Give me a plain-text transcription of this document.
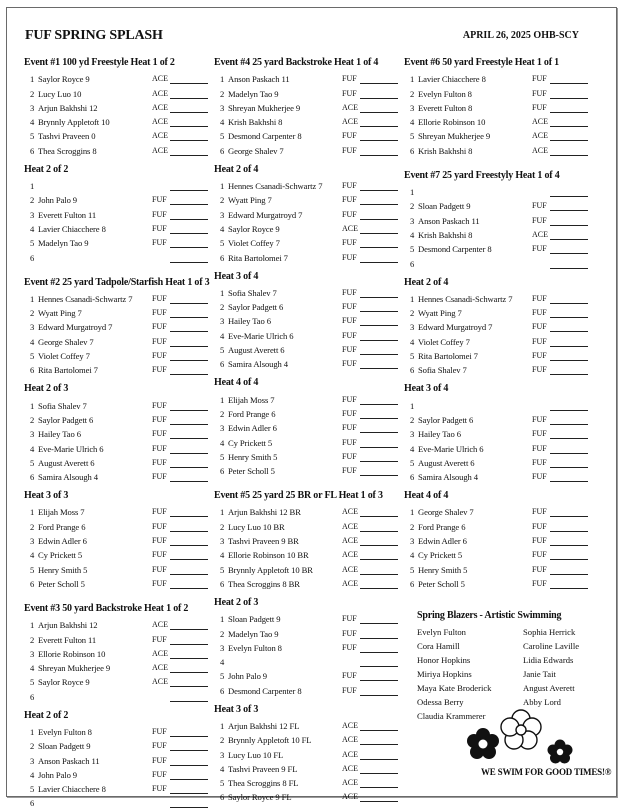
FUF SPRING SPLASH	APRIL 26, 2025 OHB-SCY
Event #1 100 yd Freestyle Heat 1 of 2
1 Saylor Royce 9	ACE
2 Lucy Luo 10	ACE
3 Arjun Bakhshi 12	ACE
4 Brynnly Appletoft 10	ACE
5 Tashvi Praveen 0	ACE
6 Thea Scroggins 8	ACE
Heat 2 of 2
1
2 John Palo 9	FUF
3 Everett Fulton 11	FUF
4 Lavier Chiacchere 8	FUF
5 Madelyn Tao 9	FUF
6
Event #2 25 yard Tadpole/Starfish Heat 1 of 3
1 Hennes Csanadi-Schwartz 7	FUF
2 Wyatt Ping 7	FUF
3 Edward Murgatroyd 7	FUF
4 George Shalev 7	FUF
5 Violet Coffey 7	FUF
6 Rita Bartolomei 7	FUF
Heat 2 of 3
1 Sofia Shalev 7	FUF
2 Saylor Padgett 6	FUF
3 Hailey Tao 6	FUF
4 Eve-Marie Ulrich 6	FUF
5 August Averett 6	FUF
6 Samira Alsough 4	FUF
Heat 3 of 3
1 Elijah Moss 7	FUF
2 Ford Prange 6	FUF
3 Edwin Adler 6	FUF
4 Cy Prickett 5	FUF
5 Henry Smith 5	FUF
6 Peter Scholl 5	FUF
Event #3 50 yard Backstroke Heat 1 of 2
1 Arjun Bakhshi 12	ACE
2 Everett Fulton 11	FUF
3 Ellorie Robinson 10	ACE
4 Shreyan Mukherjee 9	ACE
5 Saylor Royce 9	ACE
6
Heat 2 of 2
1 Evelyn Fulton 8	FUF
2 Sloan Padgett 9	FUF
3 Anson Paskach 11	FUF
4 John Palo 9	FUF
5 Lavier Chiacchere 8	FUF
6
Event #4 25 yard Backstroke Heat 1 of 4
1 Anson Paskach 11	FUF
2 Madelyn Tao 9	FUF
3 Shreyan Mukherjee 9	ACE
4 Krish Bakhshi 8	ACE
5 Desmond Carpenter 8	FUF
6 George Shalev 7	FUF
Heat 2 of 4
1 Hennes Csanadi-Schwartz 7	FUF
2 Wyatt Ping 7	FUF
3 Edward Murgatroyd 7	FUF
4 Saylor Royce 9	ACE
5 Violet Coffey 7	FUF
6 Rita Bartolomei 7	FUF
Heat 3 of 4
1 Sofia Shalev 7	FUF
2 Saylor Padgett 6	FUF
3 Hailey Tao 6	FUF
4 Eve-Marie Ulrich 6	FUF
5 August Averett 6	FUF
6 Samira Alsough 4	FUF
Heat 4 of 4
1 Elijah Moss 7	FUF
2 Ford Prange 6	FUF
3 Edwin Adler 6	FUF
4 Cy Prickett 5	FUF
5 Henry Smith 5	FUF
6 Peter Scholl 5	FUF
Event #5 25 yard 25 BR or FL Heat 1 of 3
1 Arjun Bakhshi 12 BR	ACE
2 Lucy Luo 10 BR	ACE
3 Tashvi Praveen 9 BR	ACE
4 Ellorie Robinson 10 BR	ACE
5 Brynnly Appletoft 10 BR	ACE
6 Thea Scroggins 8 BR	ACE
Heat 2 of 3
1 Sloan Padgett 9	FUF
2 Madelyn Tao 9	FUF
3 Evelyn Fulton 8	FUF
4
5 John Palo 9	FUF
6 Desmond Carpenter 8	FUF
Heat 3 of 3
1 Arjun Bakhshi 12 FL	ACE
2 Brynnly Appletoft 10 FL	ACE
3 Lucy Luo 10 FL	ACE
4 Tashvi Praveen 9 FL	ACE
5 Thea Scroggins 8 FL	ACE
6 Saylor Royce 9 FL	ACE
Event #6 50 yard Freestyle Heat 1 of 1
1 Lavier Chiacchere 8	FUF
2 Evelyn Fulton 8	FUF
3 Everett Fulton 8	FUF
4 Ellorie Robinson 10	ACE
5 Shreyan Mukherjee 9	ACE
6 Krish Bakhshi 8	ACE
Event #7 25 yard Freestyly Heat 1 of 4
1
2 Sloan Padgett 9	FUF
3 Anson Paskach 11	FUF
4 Krish Bakhshi 8	ACE
5 Desmond Carpenter 8	FUF
6
Heat 2 of 4
1 Hennes Csanadi-Schwartz 7	FUF
2 Wyatt Ping 7	FUF
3 Edward Murgatroyd 7	FUF
4 Violet Coffey 7	FUF
5 Rita Bartolomei 7	FUF
6 Sofia Shalev 7	FUF
Heat 3 of 4
1
2 Saylor Padgett 6	FUF
3 Hailey Tao 6	FUF
4 Eve-Marie Ulrich 6	FUF
5 August Averett 6	FUF
6 Samira Alsough 4	FUF
Heat 4 of 4
1 George Shalev 7	FUF
2 Ford Prange 6	FUF
3 Edwin Adler 6	FUF
4 Cy Prickett 5	FUF
5 Henry Smith 5	FUF
6 Peter Scholl 5	FUF
Spring Blazers - Artistic Swimming
Evelyn Fulton	Sophia Herrick
Cora Hamill	Caroline Laville
Honor Hopkins	Lidia Edwards
Miriya Hopkins	Janie Tait
Maya Kate Broderick	Angust Averett
Odessa Berry	Abby Lord
Claudia Krammerer
WE SWIM FOR GOOD TIMES!®
